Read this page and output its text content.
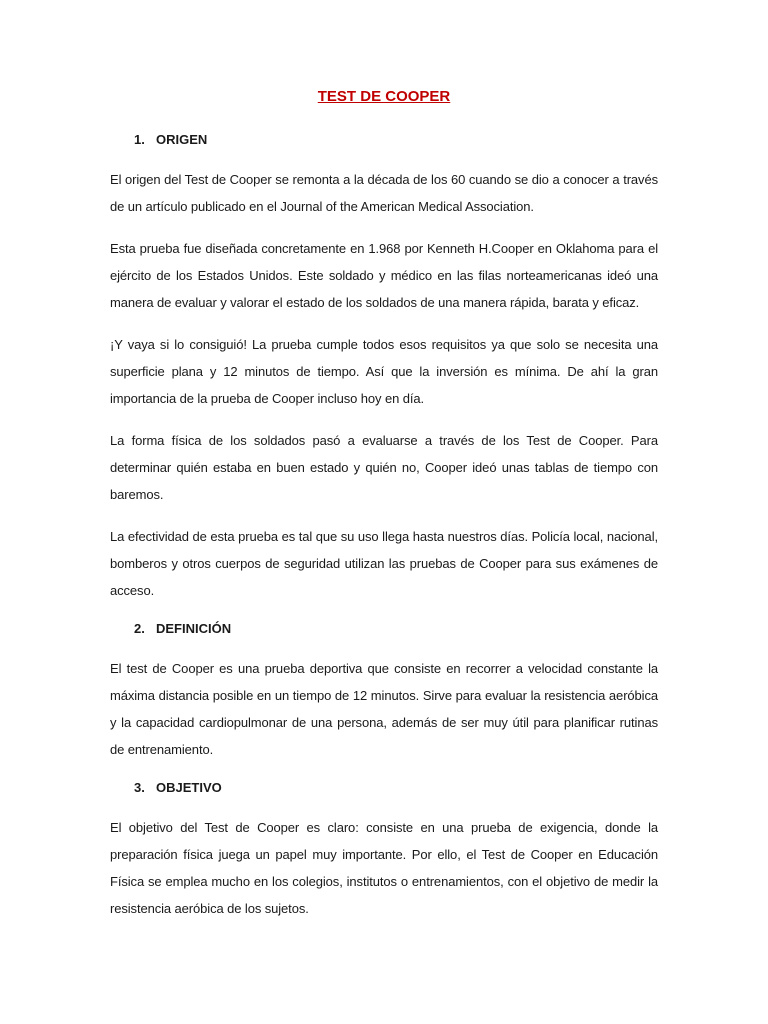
TEST DE COOPER
1. ORIGEN

El origen del Test de Cooper se remonta a la década de los 60 cuando se dio a conocer a través de un artículo publicado en el Journal of the American Medical Association.

Esta prueba fue diseñada concretamente en 1.968 por Kenneth H.Cooper en Oklahoma para el ejército de los Estados Unidos. Este soldado y médico en las filas norteamericanas ideó una manera de evaluar y valorar el estado de los soldados de una manera rápida, barata y eficaz.

¡Y vaya si lo consiguió! La prueba cumple todos esos requisitos ya que solo se necesita una superficie plana y 12 minutos de tiempo. Así que la inversión es mínima. De ahí la gran importancia de la prueba de Cooper incluso hoy en día.

La forma física de los soldados pasó a evaluarse a través de los Test de Cooper. Para determinar quién estaba en buen estado y quién no, Cooper ideó unas tablas de tiempo con baremos.

La efectividad de esta prueba es tal que su uso llega hasta nuestros días. Policía local, nacional, bomberos y otros cuerpos de seguridad utilizan las pruebas de Cooper para sus exámenes de acceso.

2. DEFINICIÓN

El test de Cooper es una prueba deportiva que consiste en recorrer a velocidad constante la máxima distancia posible en un tiempo de 12 minutos. Sirve para evaluar la resistencia aeróbica y la capacidad cardiopulmonar de una persona, además de ser muy útil para planificar rutinas de entrenamiento.

3. OBJETIVO

El objetivo del Test de Cooper es claro: consiste en una prueba de exigencia, donde la preparación física juega un papel muy importante. Por ello, el Test de Cooper en Educación Física se emplea mucho en los colegios, institutos o entrenamientos, con el objetivo de medir la resistencia aeróbica de los sujetos.
